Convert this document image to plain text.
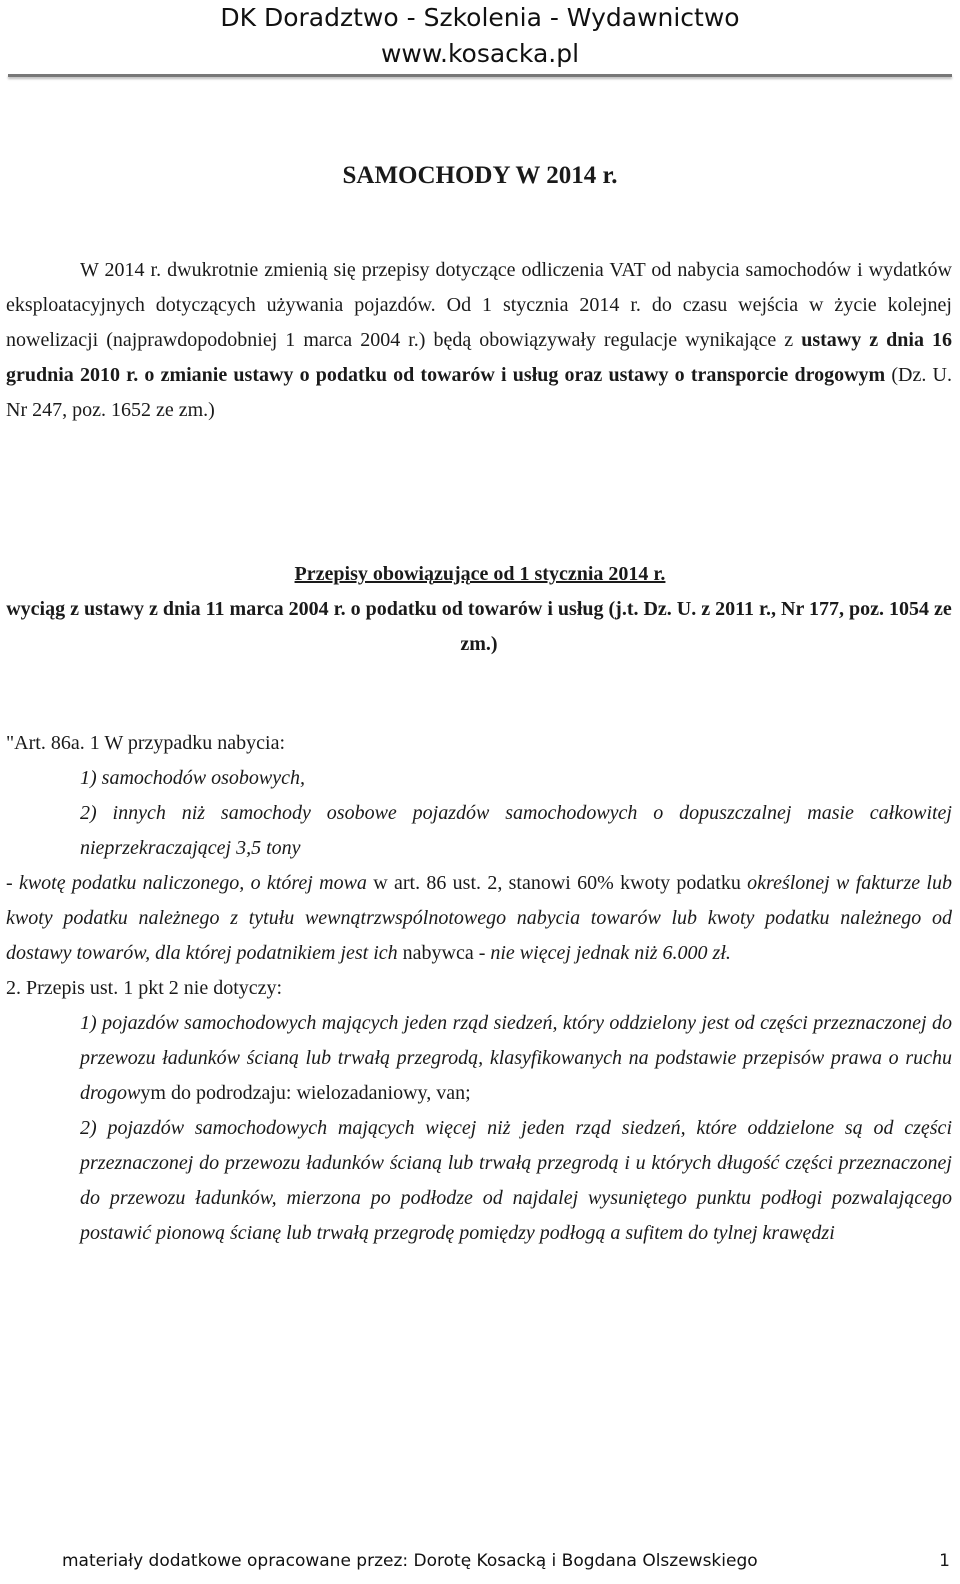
DK Doradztwo - Szkolenia - Wydawnictwo
www.kosacka.pl
SAMOCHODY W 2014 r.
W 2014 r. dwukrotnie zmienią się przepisy dotyczące odliczenia VAT od nabycia samochodów i wydatków eksploatacyjnych dotyczących używania pojazdów. Od 1 stycznia 2014 r. do czasu wejścia w życie kolejnej nowelizacji (najprawdopodobniej 1 marca 2004 r.) będą obowiązywały regulacje wynikające z ustawy z dnia 16 grudnia 2010 r. o zmianie ustawy o podatku od towarów i usług oraz ustawy o transporcie drogowym (Dz. U. Nr 247, poz. 1652 ze zm.)
Przepisy obowiązujące od 1 stycznia 2014 r.
wyciąg z ustawy z dnia 11 marca 2004 r. o podatku od towarów i usług (j.t. Dz. U. z 2011 r., Nr 177, poz. 1054 ze zm.)
"Art. 86a. 1 W przypadku nabycia:
1) samochodów osobowych,
2) innych niż samochody osobowe pojazdów samochodowych o dopuszczalnej masie całkowitej nieprzekraczającej 3,5 tony
- kwotę podatku naliczonego, o której mowa w art. 86 ust. 2, stanowi 60% kwoty podatku określonej w fakturze lub kwoty podatku należnego z tytułu wewnątrzwspólnotowego nabycia towarów lub kwoty podatku należnego od dostawy towarów, dla której podatnikiem jest ich nabywca - nie więcej jednak niż 6.000 zł.
2. Przepis ust. 1 pkt 2 nie dotyczy:
1) pojazdów samochodowych mających jeden rząd siedzeń, który oddzielony jest od części przeznaczonej do przewozu ładunków ścianą lub trwałą przegrodą, klasyfikowanych na podstawie przepisów prawa o ruchu drogowym do podrodzaju: wielozadaniowy, van;
2) pojazdów samochodowych mających więcej niż jeden rząd siedzeń, które oddzielone są od części przeznaczonej do przewozu ładunków ścianą lub trwałą przegrodą i u których długość części przeznaczonej do przewozu ładunków, mierzona po podłodze od najdalej wysuniętego punktu podłogi pozwalającego postawić pionową ścianę lub trwałą przegrodę pomiędzy podłogą a sufitem do tylnej krawędzi
materiały dodatkowe opracowane przez: Dorotę Kosacką i Bogdana Olszewskiego	1
